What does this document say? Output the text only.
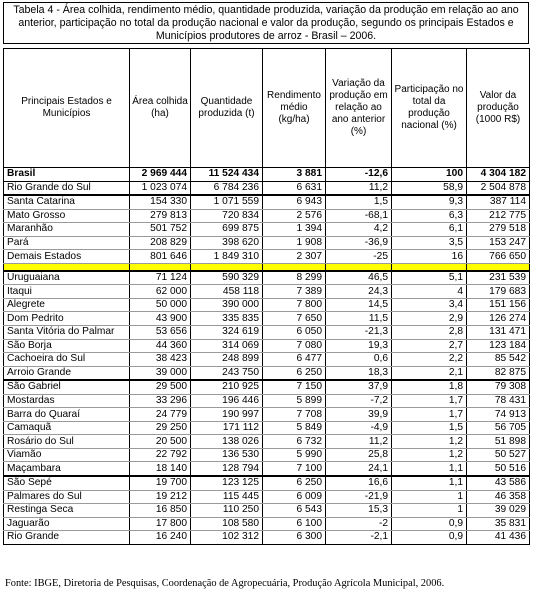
Tabela 4 - Área colhida, rendimento médio, quantidade produzida, variação da produção em relação ao ano
anterior, participação no total da produção nacional e valor da produção, segundo os principais Estados e
Municípios produtores de arroz - Brasil – 2006.
Principais Estados e Municípios	Área colhida (ha)	Quantidade produzida (t)	Rendimento médio (kg/ha)	Variação da produção em relação ao ano anterior (%)	Participação no total da produção nacional (%)	Valor da produção (1000 R$)
Brasil	2 969 444	11 524 434	3 881	-12,6	100	4 304 182
Rio Grande do Sul	1 023 074	6 784 236	6 631	11,2	58,9	2 504 878
Santa Catarina	154 330	1 071 559	6 943	1,5	9,3	387 114
Mato Grosso	279 813	720 834	2 576	-68,1	6,3	212 775
Maranhão	501 752	699 875	1 394	4,2	6,1	279 518
Pará	208 829	398 620	1 908	-36,9	3,5	153 247
Demais Estados	801 646	1 849 310	2 307	-25	16	766 650

Uruguaiana	71 124	590 329	8 299	46,5	5,1	231 539
Itaqui	62 000	458 118	7 389	24,3	4	179 683
Alegrete	50 000	390 000	7 800	14,5	3,4	151 156
Dom Pedrito	43 900	335 835	7 650	11,5	2,9	126 274
Santa Vitória do Palmar	53 656	324 619	6 050	-21,3	2,8	131 471
São Borja	44 360	314 069	7 080	19,3	2,7	123 184
Cachoeira do Sul	38 423	248 899	6 477	0,6	2,2	85 542
Arroio Grande	39 000	243 750	6 250	18,3	2,1	82 875
São Gabriel	29 500	210 925	7 150	37,9	1,8	79 308
Mostardas	33 296	196 446	5 899	-7,2	1,7	78 431
Barra do Quaraí	24 779	190 997	7 708	39,9	1,7	74 913
Camaquã	29 250	171 112	5 849	-4,9	1,5	56 705
Rosário do Sul	20 500	138 026	6 732	11,2	1,2	51 898
Viamão	22 792	136 530	5 990	25,8	1,2	50 527
Maçambara	18 140	128 794	7 100	24,1	1,1	50 516
São Sepé	19 700	123 125	6 250	16,6	1,1	43 586
Palmares do Sul	19 212	115 445	6 009	-21,9	1	46 358
Restinga Seca	16 850	110 250	6 543	15,3	1	39 029
Jaguarão	17 800	108 580	6 100	-2	0,9	35 831
Rio Grande	16 240	102 312	6 300	-2,1	0,9	41 436
Fonte: IBGE, Diretoria de Pesquisas, Coordenação de Agropecuária, Produção Agrícola Municipal, 2006.
